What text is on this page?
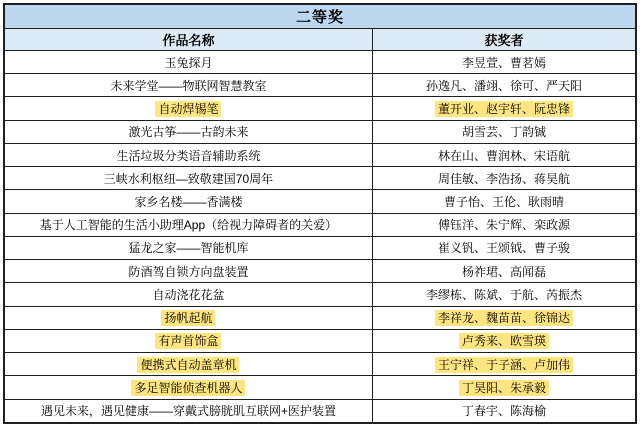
二等奖	
作品名称	获奖者
玉兔探月	李昱萱、曹茗嫣
未来学堂——物联网智慧教室	孙逸凡、潘翊、徐可、严天阳
自动焊锡笔	董开业、赵宇轩、阮忠锋
激光古筝——古韵未来	胡雪芸、丁韵铖
生活垃圾分类语音辅助系统	林在山、曹润林、宋语航
三峡水利枢纽—致敬建国70周年	周佳敏、李浩扬、蒋昊航
家乡名楼——香满楼	曹子怡、王伦、耿雨晴
基于人工智能的生活小助理App（给视力障碍者的关爱）	傅钰洋、朱宁辉、栾政源
猛龙之家——智能机库	崔义钒、王颂钺、曹子骏
防酒驾自锁方向盘装置	杨祚珺、高闻磊
自动浇花花盆	李缪栋、陈斌、于航、芮振杰
扬帆起航	李祥龙、魏苗苗、徐锦达
有声首饰盒	卢秀来、欧雪瑛
便携式自动盖章机	王宁祥、于子涵、卢加伟
多足智能侦查机器人	丁昊阳、朱承毅
遇见未来，遇见健康——穿戴式膀胱肌互联网+医护装置	丁春宇、陈海榆
